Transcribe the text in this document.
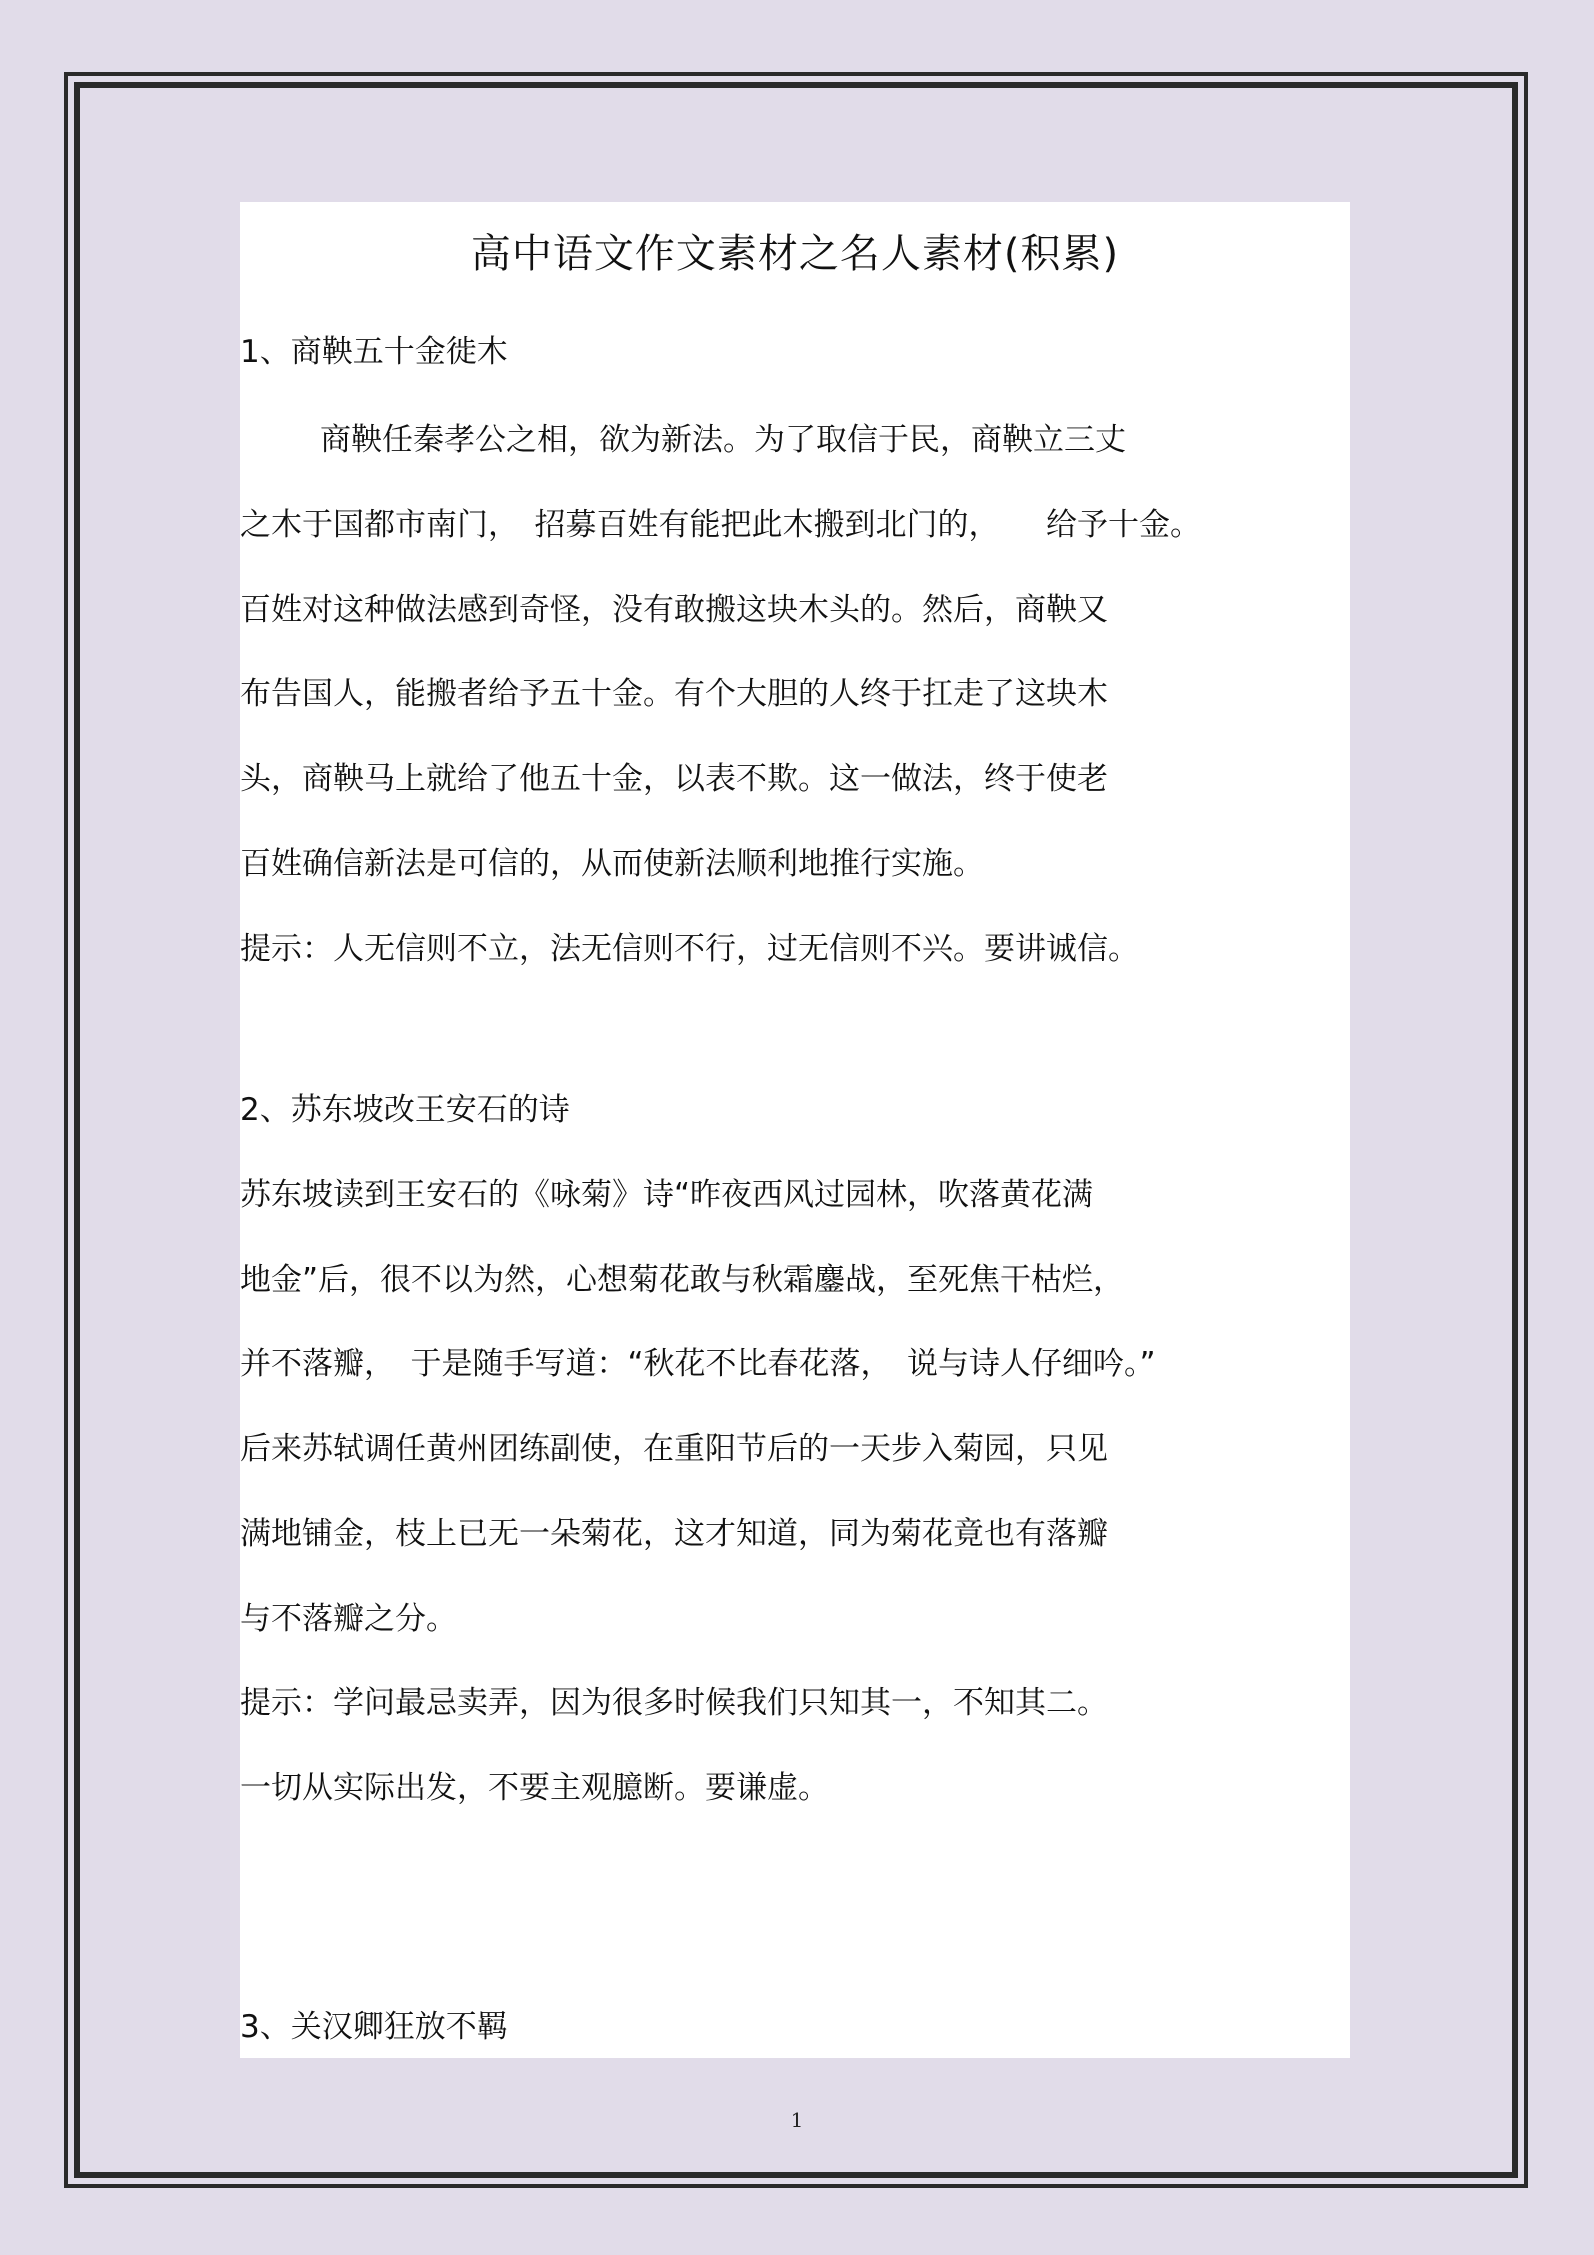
高中语文作文素材之名人素材(积累)
1、商鞅五十金徙木
商鞅任秦孝公之相，欲为新法。为了取信于民，商鞅立三丈
之木于国都市南门，　招募百姓有能把此木搬到北门的，　　给予十金。
百姓对这种做法感到奇怪，没有敢搬这块木头的。然后，商鞅又
布告国人，能搬者给予五十金。有个大胆的人终于扛走了这块木
头，商鞅马上就给了他五十金，以表不欺。这一做法，终于使老
百姓确信新法是可信的，从而使新法顺利地推行实施。
提示：人无信则不立，法无信则不行，过无信则不兴。要讲诚信。
2、苏东坡改王安石的诗
苏东坡读到王安石的《咏菊》诗“昨夜西风过园林，吹落黄花满
地金”后，很不以为然，心想菊花敢与秋霜鏖战，至死焦干枯烂，
并不落瓣，　于是随手写道：“秋花不比春花落，　说与诗人仔细吟。”
后来苏轼调任黄州团练副使，在重阳节后的一天步入菊园，只见
满地铺金，枝上已无一朵菊花，这才知道，同为菊花竟也有落瓣
与不落瓣之分。
提示：学问最忌卖弄，因为很多时候我们只知其一，不知其二。
一切从实际出发，不要主观臆断。要谦虚。
3、关汉卿狂放不羁
1
